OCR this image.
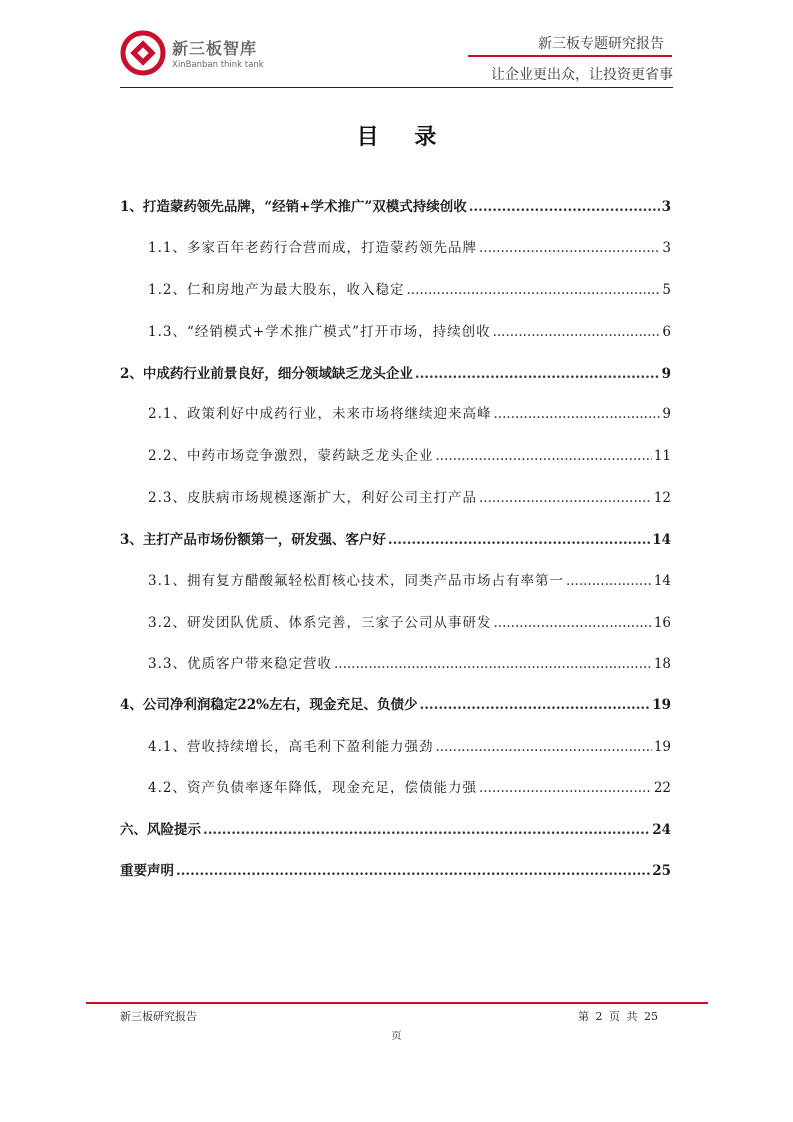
新三板智库
XinBanban think tank
新三板专题研究报告
让企业更出众，让投资更省事
目 录
1、打造蒙药领先品牌，“经销+学术推广”双模式持续创收 .....	3
1.1、多家百年老药行合营而成，打造蒙药领先品牌 .....	3
1.2、仁和房地产为最大股东，收入稳定 .....	5
1.3、“经销模式+学术推广模式”打开市场，持续创收 .....	6
2、中成药行业前景良好，细分领域缺乏龙头企业 .....	9
2.1、政策利好中成药行业，未来市场将继续迎来高峰 .....	9
2.2、中药市场竞争激烈，蒙药缺乏龙头企业 .....	11
2.3、皮肤病市场规模逐渐扩大，利好公司主打产品 .....	12
3、主打产品市场份额第一，研发强、客户好 .....	14
3.1、拥有复方醋酸氟轻松酊核心技术，同类产品市场占有率第一 .....	14
3.2、研发团队优质、体系完善，三家子公司从事研发 .....	16
3.3、优质客户带来稳定营收 .....	18
4、公司净利润稳定22%左右，现金充足、负债少 .....	19
4.1、营收持续增长，高毛利下盈利能力强劲 .....	19
4.2、资产负债率逐年降低，现金充足，偿债能力强 .....	22
六、风险提示 .....	24
重要声明 .....	25
新三板研究报告	第 2 页 共 25
页
